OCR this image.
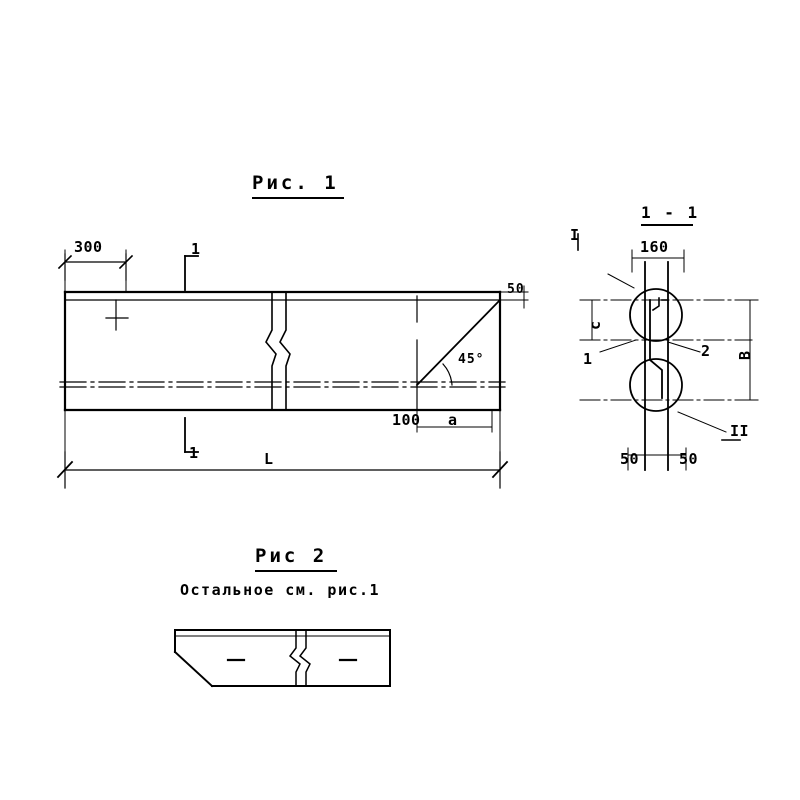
Рис. 1
300	1
1
50
45°
100 a
L
1 - 1
I
160
c
B
1	2
50	50
II
Рис 2
Остальное см. рис.1
